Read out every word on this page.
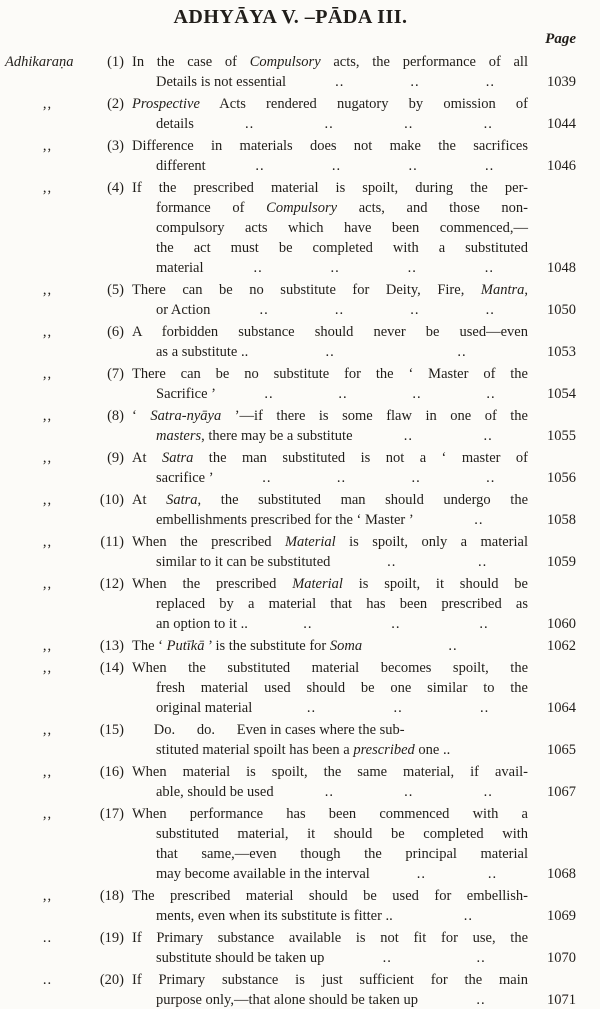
ADHYĀYA V. –PĀDA III.
Page
Adhikaraṇa	(1) In the case of Compulsory acts, the performance of all
Details is not essential	..	..	..	1039
,,	(2) Prospective Acts rendered nugatory by omission of
details	..	..	..	..	1044
,,	(3) Difference in materials does not make the sacrifices
different	..	..	..	..	1046
,,	(4) If the prescribed material is spoilt, during the per-
formance of Compulsory acts, and those non-
compulsory acts which have been commenced,—
the act must be completed with a substituted
material	..	..	..	..	1048
,,	(5) There can be no substitute for Deity, Fire, Mantra,
or Action	..	..	..	..	1050
,,	(6) A forbidden substance should never be used—even
as a substitute ..	..	..	1053
,,	(7) There can be no substitute for the ‘ Master of the
Sacrifice ’	..	..	..	..	1054
,,	(8) ‘ Satra-nyāya ’—if there is some flaw in one of the
masters, there may be a substitute	..	..	1055
,,	(9) At Satra the man substituted is not a ‘ master of
sacrifice ’	..	..	..	..	1056
,,	(10) At Satra, the substituted man should undergo the
embellishments prescribed for the ‘ Master ’	..	1058
,,	(11) When the prescribed Material is spoilt, only a material
similar to it can be substituted	..	..	1059
,,	(12) When the prescribed Material is spoilt, it should be
replaced by a material that has been prescribed as
an option to it ..	..	..	..	1060
,,	(13) The ‘ Putīkā ’ is the substitute for Soma	..	1062
,,	(14) When the substituted material becomes spoilt, the
fresh material used should be one similar to the
original material	..	..	..	1064
,,	(15)   Do.  do.  Even in cases where the sub-
stituted material spoilt has been a prescribed one ..	1065
,,	(16) When material is spoilt, the same material, if avail-
able, should be used	..	..	..	1067
,,	(17) When performance has been commenced with a
substituted material, it should be completed with
that same,—even though the principal material
may become available in the interval	..	..	1068
,,	(18) The prescribed material should be used for embellish-
ments, even when its substitute is fitter ..	..	1069
..	(19) If Primary substance available is not fit for use, the
substitute should be taken up	..	..	1070
..	(20) If Primary substance is just sufficient for the main
purpose only,—that alone should be taken up	..	1071
